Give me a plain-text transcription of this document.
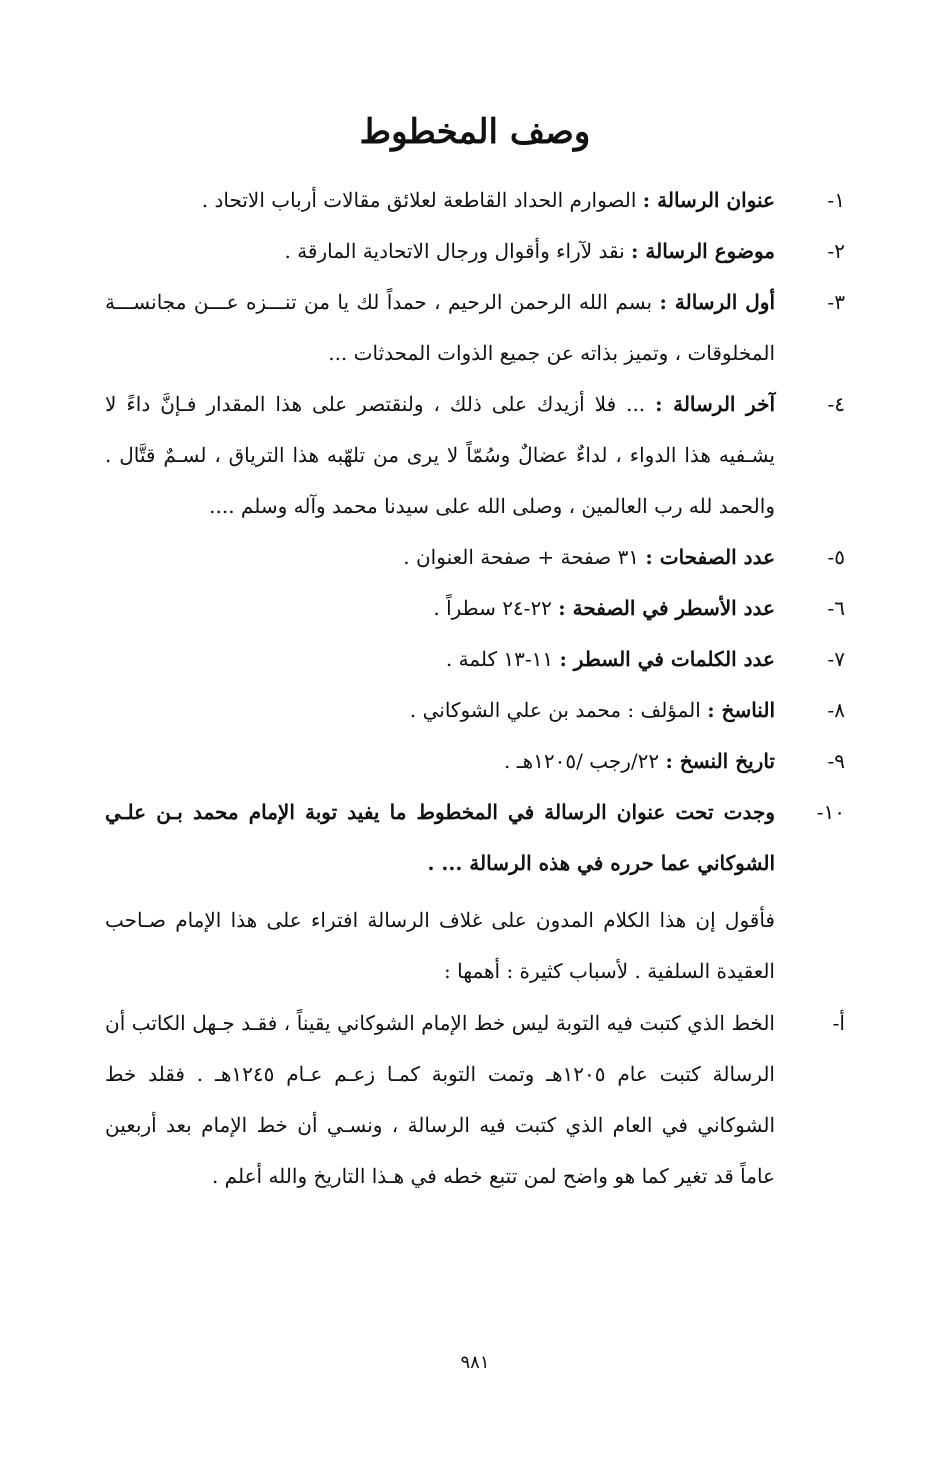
وصف المخطوط
١-
عنوان الرسالة : الصوارم الحداد القاطعة لعلائق مقالات أرباب الاتحاد .
٢-
موضوع الرسالة : نقد لآراء وأقوال ورجال الاتحادية المارقة .
٣-
أول الرسالة : بسم الله الرحمن الرحيم ، حمداً لك يا من تنـــزه عـــن مجانســـة المخلوقات ، وتميز بذاته عن جميع الذوات المحدثات ...
٤-
آخر الرسالة : ... فلا أزيدك على ذلك ، ولنقتصر على هذا المقدار فـإنَّ داءً لا يشـفيه هذا الدواء ، لداءٌ عضالٌ وسُمّاً لا يرى من تلهّبه هذا الترياق ، لسـمٌ قتَّال . والحمد لله رب العالمين ، وصلى الله على سيدنا محمد وآله وسلم ....
٥-
عدد الصفحات : ٣١ صفحة + صفحة العنوان .
٦-
عدد الأسطر في الصفحة : ٢٢-٢٤ سطراً .
٧-
عدد الكلمات في السطر : ١١-١٣ كلمة .
٨-
الناسخ : المؤلف : محمد بن علي الشوكاني .
٩-
تاريخ النسخ : ٢٢/رجب /١٢٠٥هـ .
١٠-
وجدت تحت عنوان الرسالة في المخطوط ما يفيد توبة الإمام محمد بـن علـي الشوكاني عما حرره في هذه الرسالة ... .

فأقول إن هذا الكلام المدون على غلاف الرسالة افتراء على هذا الإمام صـاحب العقيدة السلفية . لأسباب كثيرة : أهمها :

أ-
الخط الذي كتبت فيه التوبة ليس خط الإمام الشوكاني يقيناً ، فقـد جـهل الكاتب أن الرسالة كتبت عام ١٢٠٥هـ وتمت التوبة كمـا زعـم عـام ١٢٤٥هـ . فقلد خط الشوكاني في العام الذي كتبت فيه الرسالة ، ونسـي أن خط الإمام بعد أربعين عاماً قد تغير كما هو واضح لمن تتبع خطه في هـذا التاريخ والله أعلم .
٩٨١
